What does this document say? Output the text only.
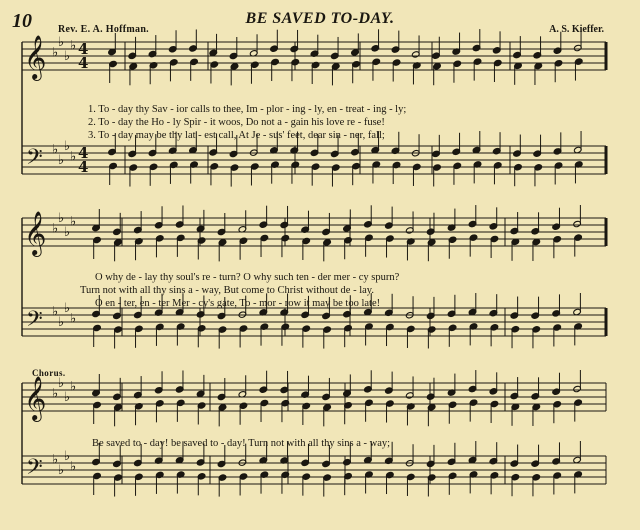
10	Rev. E. A. Hoffman.
BE SAVED TO-DAY.
A. S. Kieffer.
𝄞
𝄢
♭
♭
♭
♭
♭
♭
♭
♭
4
4
4
4
𝄞
𝄢
♭
♭
♭
♭
♭
♭
♭
♭
𝄞
𝄢
♭
♭
♭
♭
♭
♭
♭
♭
1. To - day thy Sav - ior calls to thee, Im - plor - ing - ly, en - treat - ing - ly;
2. To - day the Ho - ly Spir - it woos, Do not a - gain his love re - fuse!
3. To - day may be thy lat - est call, At Je - sus' feet, dear sin - ner, fall;
O why de - lay thy soul's re - turn? O why such ten - der mer - cy spurn?
Turn not with all thy sins a - way, But come to Christ without de - lay.
O en - ter, en - ter Mer - cy's gate, To - mor - row it may be too late!
Chorus.
Be saved to - day! be saved to - day! Turn not with all thy sins a - way;
